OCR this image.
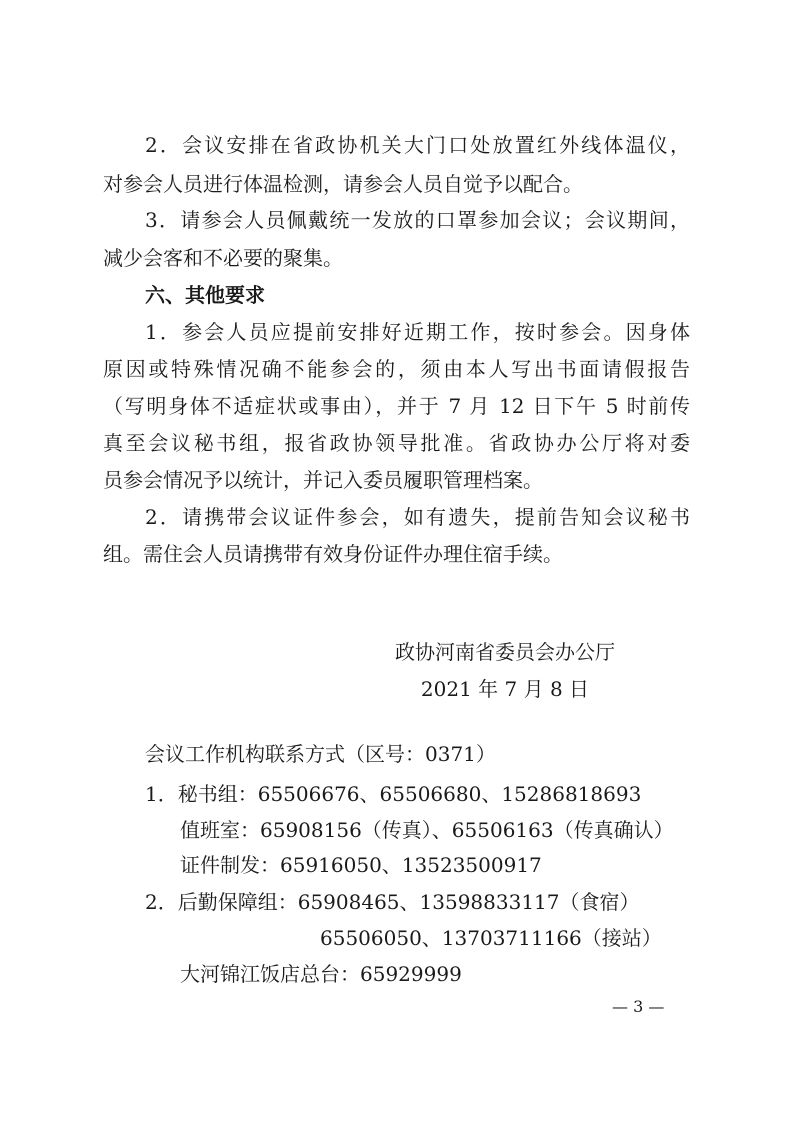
2．会议安排在省政协机关大门口处放置红外线体温仪，
对参会人员进行体温检测，请参会人员自觉予以配合。
3．请参会人员佩戴统一发放的口罩参加会议；会议期间，
减少会客和不必要的聚集。
六、其他要求
1．参会人员应提前安排好近期工作，按时参会。因身体
原因或特殊情况确不能参会的，须由本人写出书面请假报告
（写明身体不适症状或事由），并于 7 月 12 日下午 5 时前传
真至会议秘书组，报省政协领导批准。省政协办公厅将对委
员参会情况予以统计，并记入委员履职管理档案。
2．请携带会议证件参会，如有遗失，提前告知会议秘书
组。需住会人员请携带有效身份证件办理住宿手续。
政协河南省委员会办公厅
2021 年 7 月 8 日
会议工作机构联系方式（区号：0371）
1．秘书组：65506676、65506680、15286818693
值班室：65908156（传真）、65506163（传真确认）
证件制发：65916050、13523500917
2．后勤保障组：65908465、13598833117（食宿）
65506050、13703711166（接站）
大河锦江饭店总台：65929999
— 3 —
